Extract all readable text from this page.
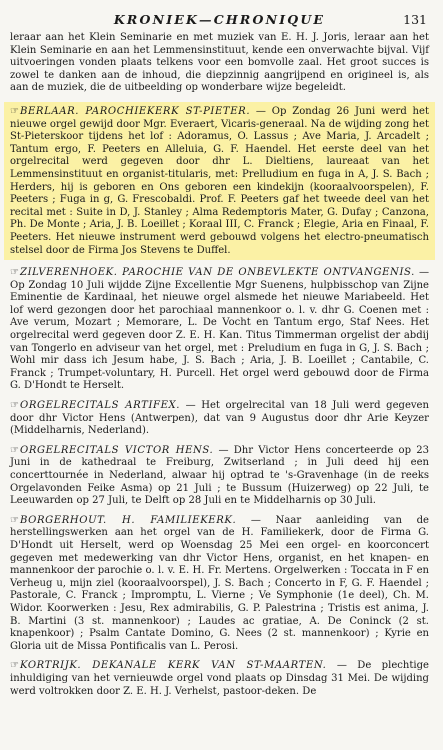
KRONIEK—CHRONIQUE	131

leraar aan het Klein Seminarie en met muziek van E. H. J. Joris, leraar aan het Klein Seminarie en aan het Lemmensinstituut, kende een onverwachte bijval. Vijf uitvoeringen vonden plaats telkens voor een bomvolle zaal. Het groot succes is zowel te danken aan de inhoud, die diepzinnig aangrijpend en origineel is, als aan de muziek, die de uitbeelding op wonderbare wijze begeleidt.

☞BERLAAR. PAROCHIEKERK ST-PIETER. — Op Zondag 26 Juni werd het nieuwe orgel gewijd door Mgr. Everaert, Vicaris-generaal. Na de wijding zong het St-Pieterskoor tijdens het lof : Adoramus, O. Lassus ; Ave Maria, J. Arcadelt ; Tantum ergo, F. Peeters en Alleluia, G. F. Haendel. Het eerste deel van het orgelrecital werd gegeven door dhr L. Dieltiens, laureaat van het Lemmensinstituut en organist-titularis, met: Prelludium en fuga in A, J. S. Bach ; Herders, hij is geboren en Ons geboren een kindekijn (kooraalvoorspelen), F. Peeters ; Fuga in g, G. Frescobaldi. Prof. F. Peeters gaf het tweede deel van het recital met : Suite in D, J. Stanley ; Alma Redemptoris Mater, G. Dufay ; Canzona, Ph. De Monte ; Aria, J. B. Loeillet ; Koraal III, C. Franck ; Elegie, Aria en Finaal, F. Peeters. Het nieuwe instrument werd gebouwd volgens het electro-pneumatisch stelsel door de Firma Jos Stevens te Duffel.

☞ZILVERENHOEK. PAROCHIE VAN DE ONBEVLEKTE ONTVANGENIS. — Op Zondag 10 Juli wijdde Zijne Excellentie Mgr Suenens, hulpbisschop van Zijne Eminentie de Kardinaal, het nieuwe orgel alsmede het nieuwe Mariabeeld. Het lof werd gezongen door het parochiaal mannenkoor o. l. v. dhr G. Coenen met : Ave verum, Mozart ; Memorare, L. De Vocht en Tantum ergo, Staf Nees. Het orgelrecital werd gegeven door Z. E. H. Kan. Titus Timmerman orgelist der abdij van Tongerlo en adviseur van het orgel, met : Preludium en fuga in G, J. S. Bach ; Wohl mir dass ich Jesum habe, J. S. Bach ; Aria, J. B. Loeillet ; Cantabile, C. Franck ; Trumpet-voluntary, H. Purcell. Het orgel werd gebouwd door de Firma G. D'Hondt te Herselt.

☞ORGELRECITALS ARTIFEX. — Het orgelrecital van 18 Juli werd gegeven door dhr Victor Hens (Antwerpen), dat van 9 Augustus door dhr Arie Keyzer (Middelharnis, Nederland).

☞ORGELRECITALS VICTOR HENS. — Dhr Victor Hens concerteerde op 23 Juni in de kathedraal te Freiburg, Zwitserland ; in Juli deed hij een concerttournée in Nederland, alwaar hij optrad te 's-Gravenhage (in de reeks Orgelavonden Feike Asma) op 21 Juli ; te Bussum (Huizerweg) op 22 Juli, te Leeuwarden op 27 Juli, te Delft op 28 Juli en te Middelharnis op 30 Juli.

☞BORGERHOUT. H. FAMILIEKERK. — Naar aanleiding van de herstellingswerken aan het orgel van de H. Familiekerk, door de Firma G. D'Hondt uit Herselt, werd op Woensdag 25 Mei een orgel- en koorconcert gegeven met medewerking van dhr Victor Hens, organist, en het knapen- en mannenkoor der parochie o. l. v. E. H. Fr. Mertens. Orgelwerken : Toccata in F en Verheug u, mijn ziel (kooraalvoorspel), J. S. Bach ; Concerto in F, G. F. Haendel ; Pastorale, C. Franck ; Impromptu, L. Vierne ; Ve Symphonie (1e deel), Ch. M. Widor. Koorwerken : Jesu, Rex admirabilis, G. P. Palestrina ; Tristis est anima, J. B. Martini (3 st. mannenkoor) ; Laudes ac gratiae, A. De Coninck (2 st. knapenkoor) ; Psalm Cantate Domino, G. Nees (2 st. mannenkoor) ; Kyrie en Gloria uit de Missa Pontificalis van L. Perosi.

☞KORTRIJK. DEKANALE KERK VAN ST-MAARTEN. — De plechtige inhuldiging van het vernieuwde orgel vond plaats op Dinsdag 31 Mei. De wijding werd voltrokken door Z. E. H. J. Verhelst, pastoor-deken. De
